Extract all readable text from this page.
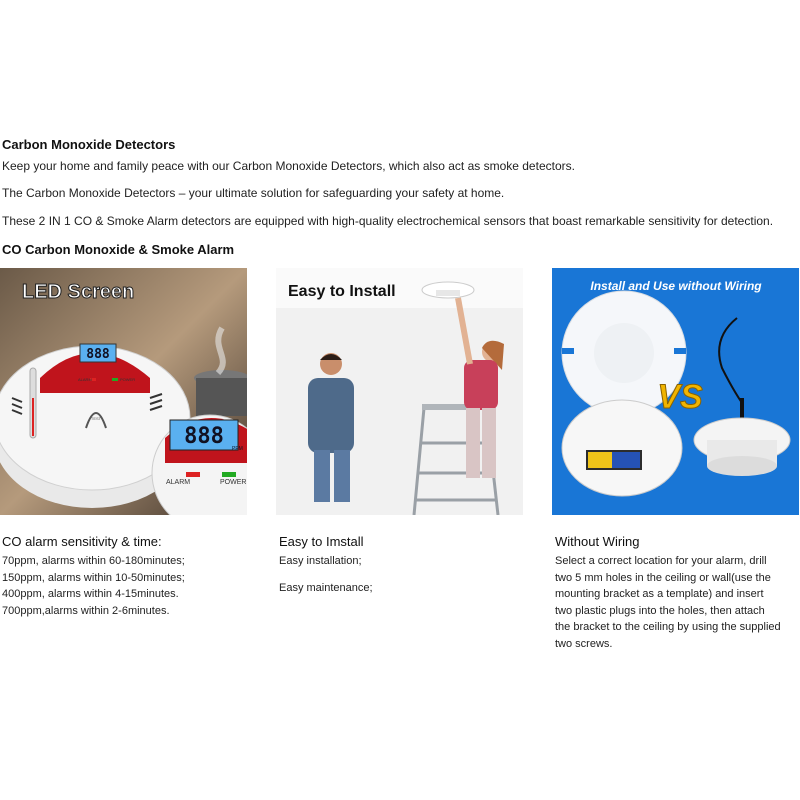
Carbon Monoxide Detectors
Keep your home and family peace with our Carbon Monoxide Detectors, which also act as smoke detectors.
The Carbon Monoxide Detectors – your ultimate solution for safeguarding your safety at home.
These 2 IN 1 CO & Smoke Alarm detectors are equipped with high-quality electrochemical sensors that boast remarkable sensitivity for detection.
CO Carbon Monoxide & Smoke Alarm
888
ALARM	POWER
TEST
888 PPM
ALARM	POWER
LED Screen	Easy to Install
VS
Install and Use without Wiring
CO alarm sensitivity & time:
70ppm, alarms within 60-180minutes;
150ppm, alarms within 10-50minutes;
400ppm, alarms within 4-15minutes.
700ppm,alarms within 2-6minutes.
Easy to Imstall
Easy installation;
Easy maintenance;
Without Wiring
Select a correct location for your alarm, drill
two 5 mm holes in the ceiling or wall(use the
mounting bracket as a template) and insert
two plastic plugs into the holes, then attach
the bracket to the ceiling by using the supplied
two screws.
